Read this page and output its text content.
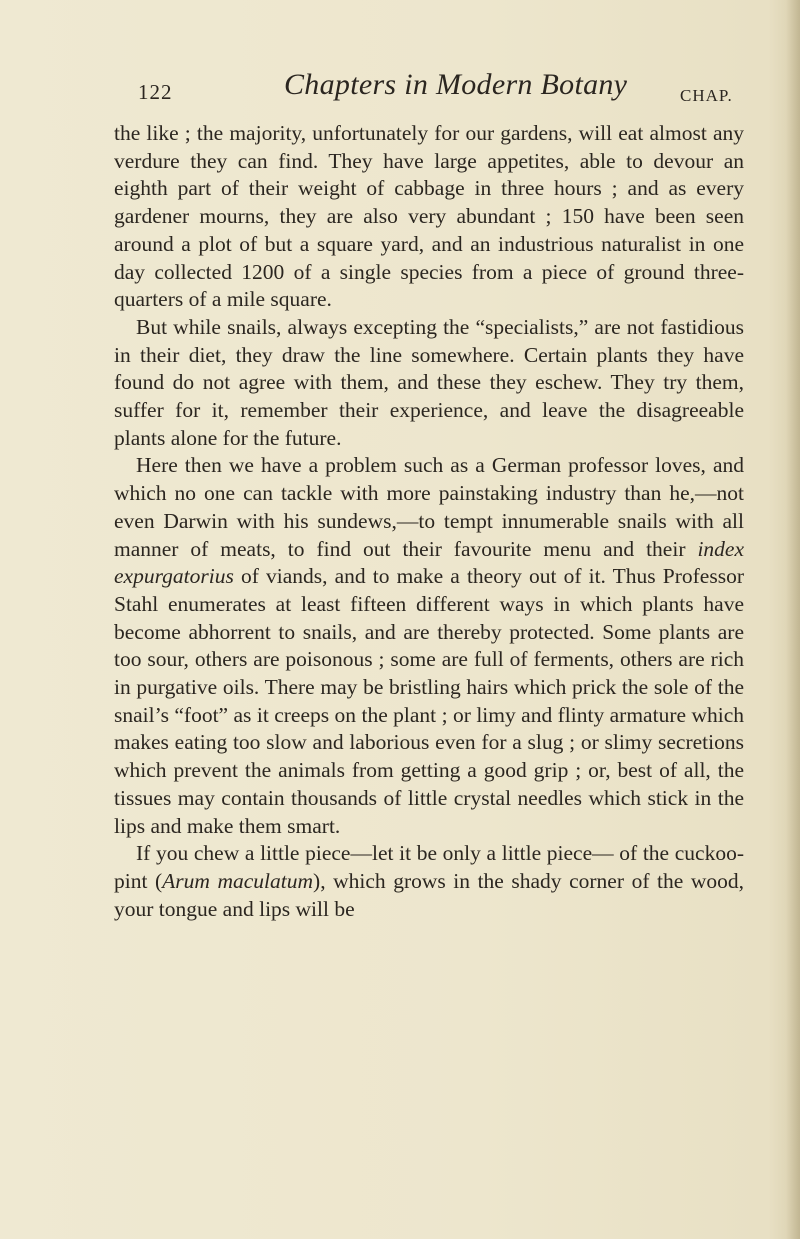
122	Chapters in Modern Botany	CHAP.

the like ; the majority, unfortunately for our gardens, will eat almost any verdure they can find. They have large appetites, able to devour an eighth part of their weight of cabbage in three hours ; and as every gardener mourns, they are also very abundant ; 150 have been seen around a plot of but a square yard, and an industrious naturalist in one day collected 1200 of a single species from a piece of ground three-quarters of a mile square.

But while snails, always excepting the “specialists,” are not fastidious in their diet, they draw the line somewhere. Certain plants they have found do not agree with them, and these they eschew. They try them, suffer for it, remember their experience, and leave the disagreeable plants alone for the future.

Here then we have a problem such as a German professor loves, and which no one can tackle with more painstaking industry than he,—not even Darwin with his sundews,—to tempt innumerable snails with all manner of meats, to find out their favourite menu and their index expurgatorius of viands, and to make a theory out of it. Thus Professor Stahl enumerates at least fifteen different ways in which plants have become abhorrent to snails, and are thereby protected. Some plants are too sour, others are poisonous ; some are full of ferments, others are rich in purgative oils. There may be bristling hairs which prick the sole of the snail’s “foot” as it creeps on the plant ; or limy and flinty armature which makes eating too slow and laborious even for a slug ; or slimy secretions which prevent the animals from getting a good grip ; or, best of all, the tissues may contain thousands of little crystal needles which stick in the lips and make them smart.

If you chew a little piece—let it be only a little piece— of the cuckoo-pint (Arum maculatum), which grows in the shady corner of the wood, your tongue and lips will be
